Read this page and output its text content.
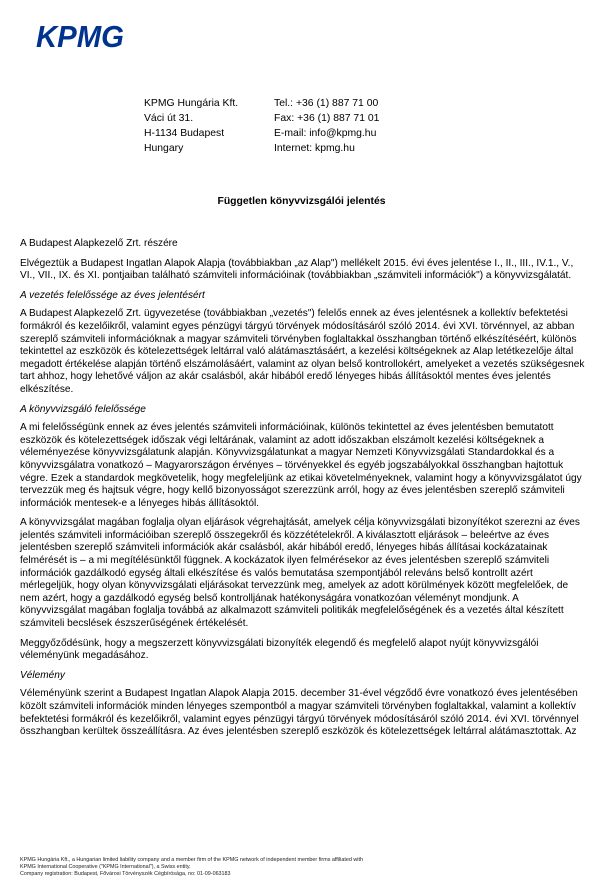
KPMG
KPMG Hungária Kft.	Tel.: +36 (1) 887 71 00
Váci út 31.	Fax: +36 (1) 887 71 01
H-1134 Budapest	E-mail: info@kpmg.hu
Hungary	Internet: kpmg.hu
Független könyvvizsgálói jelentés

A Budapest Alapkezelő Zrt. részére

Elvégeztük a Budapest Ingatlan Alapok Alapja (továbbiakban „az Alap") mellékelt 2015. évi éves jelentése I., II., III., IV.1., V., VI., VII., IX. és XI. pontjaiban található számviteli információinak (továbbiakban „számviteli információk") a könyvvizsgálatát.

A vezetés felelőssége az éves jelentésért

A Budapest Alapkezelő Zrt. ügyvezetése (továbbiakban „vezetés") felelős ennek az éves jelentésnek a kollektív befektetési formákról és kezelőikről, valamint egyes pénzügyi tárgyú törvények módosításáról szóló 2014. évi XVI. törvénnyel, az abban szereplő számviteli információknak a magyar számviteli törvényben foglaltakkal összhangban történő elkészítéséért, különös tekintettel az eszközök és kötelezettségek leltárral való alátámasztásáért, a kezelési költségeknek az Alap letétkezelője által megadott értékelése alapján történő elszámolásáért, valamint az olyan belső kontrollokért, amelyeket a vezetés szükségesnek tart ahhoz, hogy lehetővé váljon az akár csalásból, akár hibából eredő lényeges hibás állításoktól mentes éves jelentés elkészítése.

A könyvvizsgáló felelőssége

A mi felelősségünk ennek az éves jelentés számviteli információinak, különös tekintettel az éves jelentésben bemutatott eszközök és kötelezettségek időszak végi leltárának, valamint az adott időszakban elszámolt kezelési költségeknek a véleményezése könyvvizsgálatunk alapján. Könyvvizsgálatunkat a magyar Nemzeti Könyvvizsgálati Standardokkal és a könyvvizsgálatra vonatkozó – Magyarországon érvényes – törvényekkel és egyéb jogszabályokkal összhangban hajtottuk végre. Ezek a standardok megkövetelik, hogy megfeleljünk az etikai követelményeknek, valamint hogy a könyvvizsgálatot úgy tervezzük meg és hajtsuk végre, hogy kellő bizonyosságot szerezzünk arról, hogy az éves jelentésben szereplő számviteli információk mentesek-e a lényeges hibás állításoktól.

A könyvvizsgálat magában foglalja olyan eljárások végrehajtását, amelyek célja könyvvizsgálati bizonyítékot szerezni az éves jelentés számviteli információiban szereplő összegekről és közzétételekről. A kiválasztott eljárások – beleértve az éves jelentésben szereplő számviteli információk akár csalásból, akár hibából eredő, lényeges hibás állításai kockázatainak felmérését is – a mi megítélésünktől függnek. A kockázatok ilyen felmérésekor az éves jelentésben szereplő számviteli információk gazdálkodó egység általi elkészítése és valós bemutatása szempontjából releváns belső kontrollt azért mérlegeljük, hogy olyan könyvvizsgálati eljárásokat tervezzünk meg, amelyek az adott körülmények között megfelelőek, de nem azért, hogy a gazdálkodó egység belső kontrolljának hatékonyságára vonatkozóan véleményt mondjunk. A könyvvizsgálat magában foglalja továbbá az alkalmazott számviteli politikák megfelelőségének és a vezetés által készített számviteli becslések észszerűségének értékelését.

Meggyőződésünk, hogy a megszerzett könyvvizsgálati bizonyíték elegendő és megfelelő alapot nyújt könyvvizsgálói véleményünk megadásához.

Vélemény

Véleményünk szerint a Budapest Ingatlan Alapok Alapja 2015. december 31-ével végződő évre vonatkozó éves jelentésében közölt számviteli információk minden lényeges szempontból a magyar számviteli törvényben foglaltakkal, valamint a kollektív befektetési formákról és kezelőikről, valamint egyes pénzügyi tárgyú törvények módosításáról szóló 2014. évi XVI. törvénnyel összhangban kerültek összeállításra. Az éves jelentésben szereplő eszközök és kötelezettségek leltárral alátámasztottak. Az

KPMG Hungária Kft., a Hungarian limited liability company and a member firm of the KPMG network of independent member firms affiliated with
KPMG International Cooperative ("KPMG International"), a Swiss entity.
Company registration: Budapest, Fővárosi Törvényszék Cégbírósága, no: 01-09-063183
